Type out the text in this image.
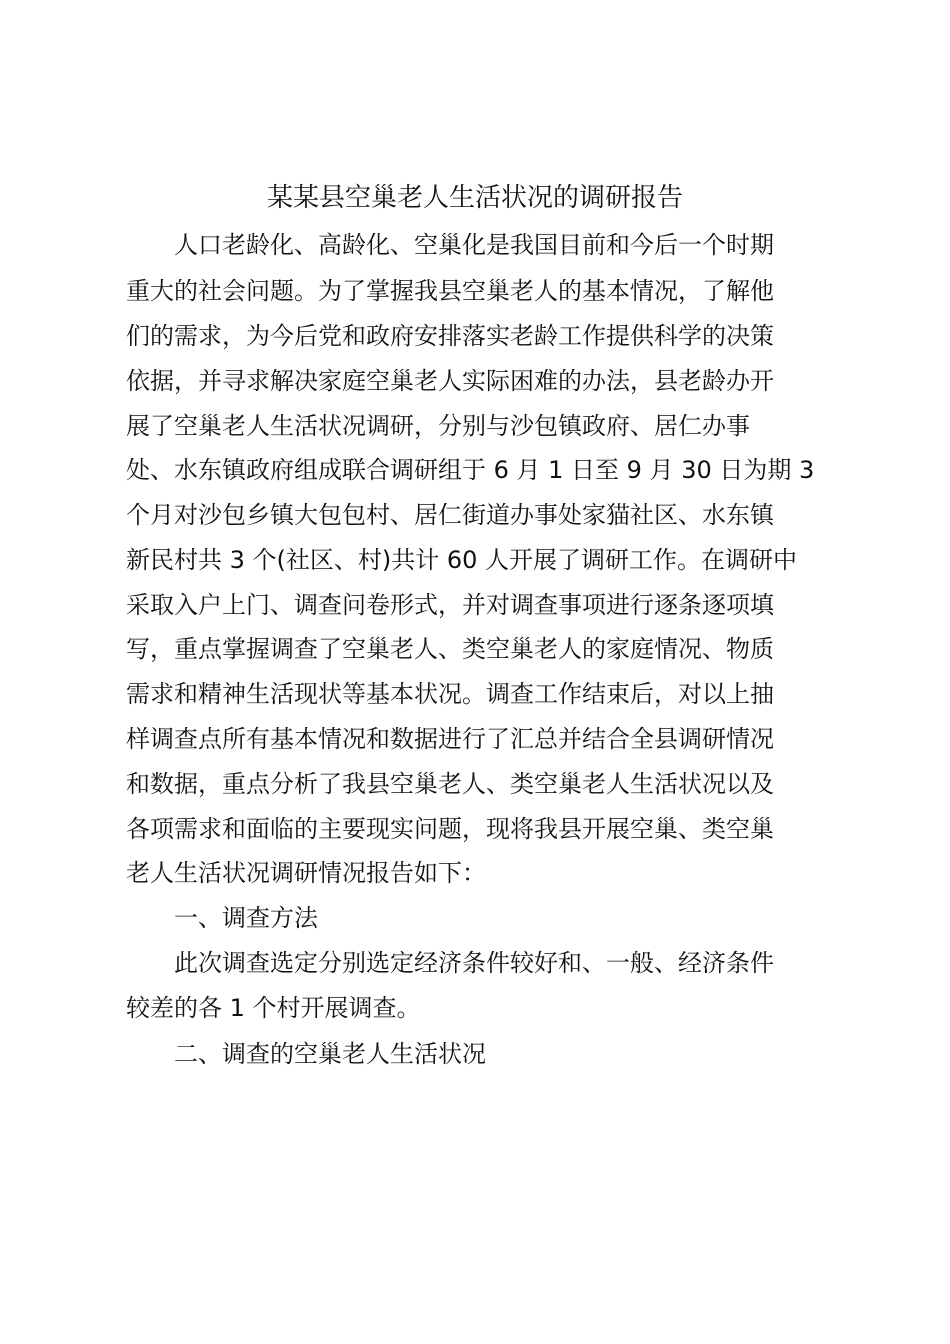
某某县空巢老人生活状况的调研报告
　　人口老龄化、高龄化、空巢化是我国目前和今后一个时期
重大的社会问题。为了掌握我县空巢老人的基本情况，了解他
们的需求，为今后党和政府安排落实老龄工作提供科学的决策
依据，并寻求解决家庭空巢老人实际困难的办法，县老龄办开
展了空巢老人生活状况调研，分别与沙包镇政府、居仁办事
处、水东镇政府组成联合调研组于 6 月 1 日至 9 月 30 日为期 3
个月对沙包乡镇大包包村、居仁街道办事处家猫社区、水东镇
新民村共 3 个(社区、村)共计 60 人开展了调研工作。在调研中
采取入户上门、调查问卷形式，并对调查事项进行逐条逐项填
写，重点掌握调查了空巢老人、类空巢老人的家庭情况、物质
需求和精神生活现状等基本状况。调查工作结束后，对以上抽
样调查点所有基本情况和数据进行了汇总并结合全县调研情况
和数据，重点分析了我县空巢老人、类空巢老人生活状况以及
各项需求和面临的主要现实问题，现将我县开展空巢、类空巢
老人生活状况调研情况报告如下：
　　一、调查方法
　　此次调查选定分别选定经济条件较好和、一般、经济条件
较差的各 1 个村开展调查。
　　二、调查的空巢老人生活状况
